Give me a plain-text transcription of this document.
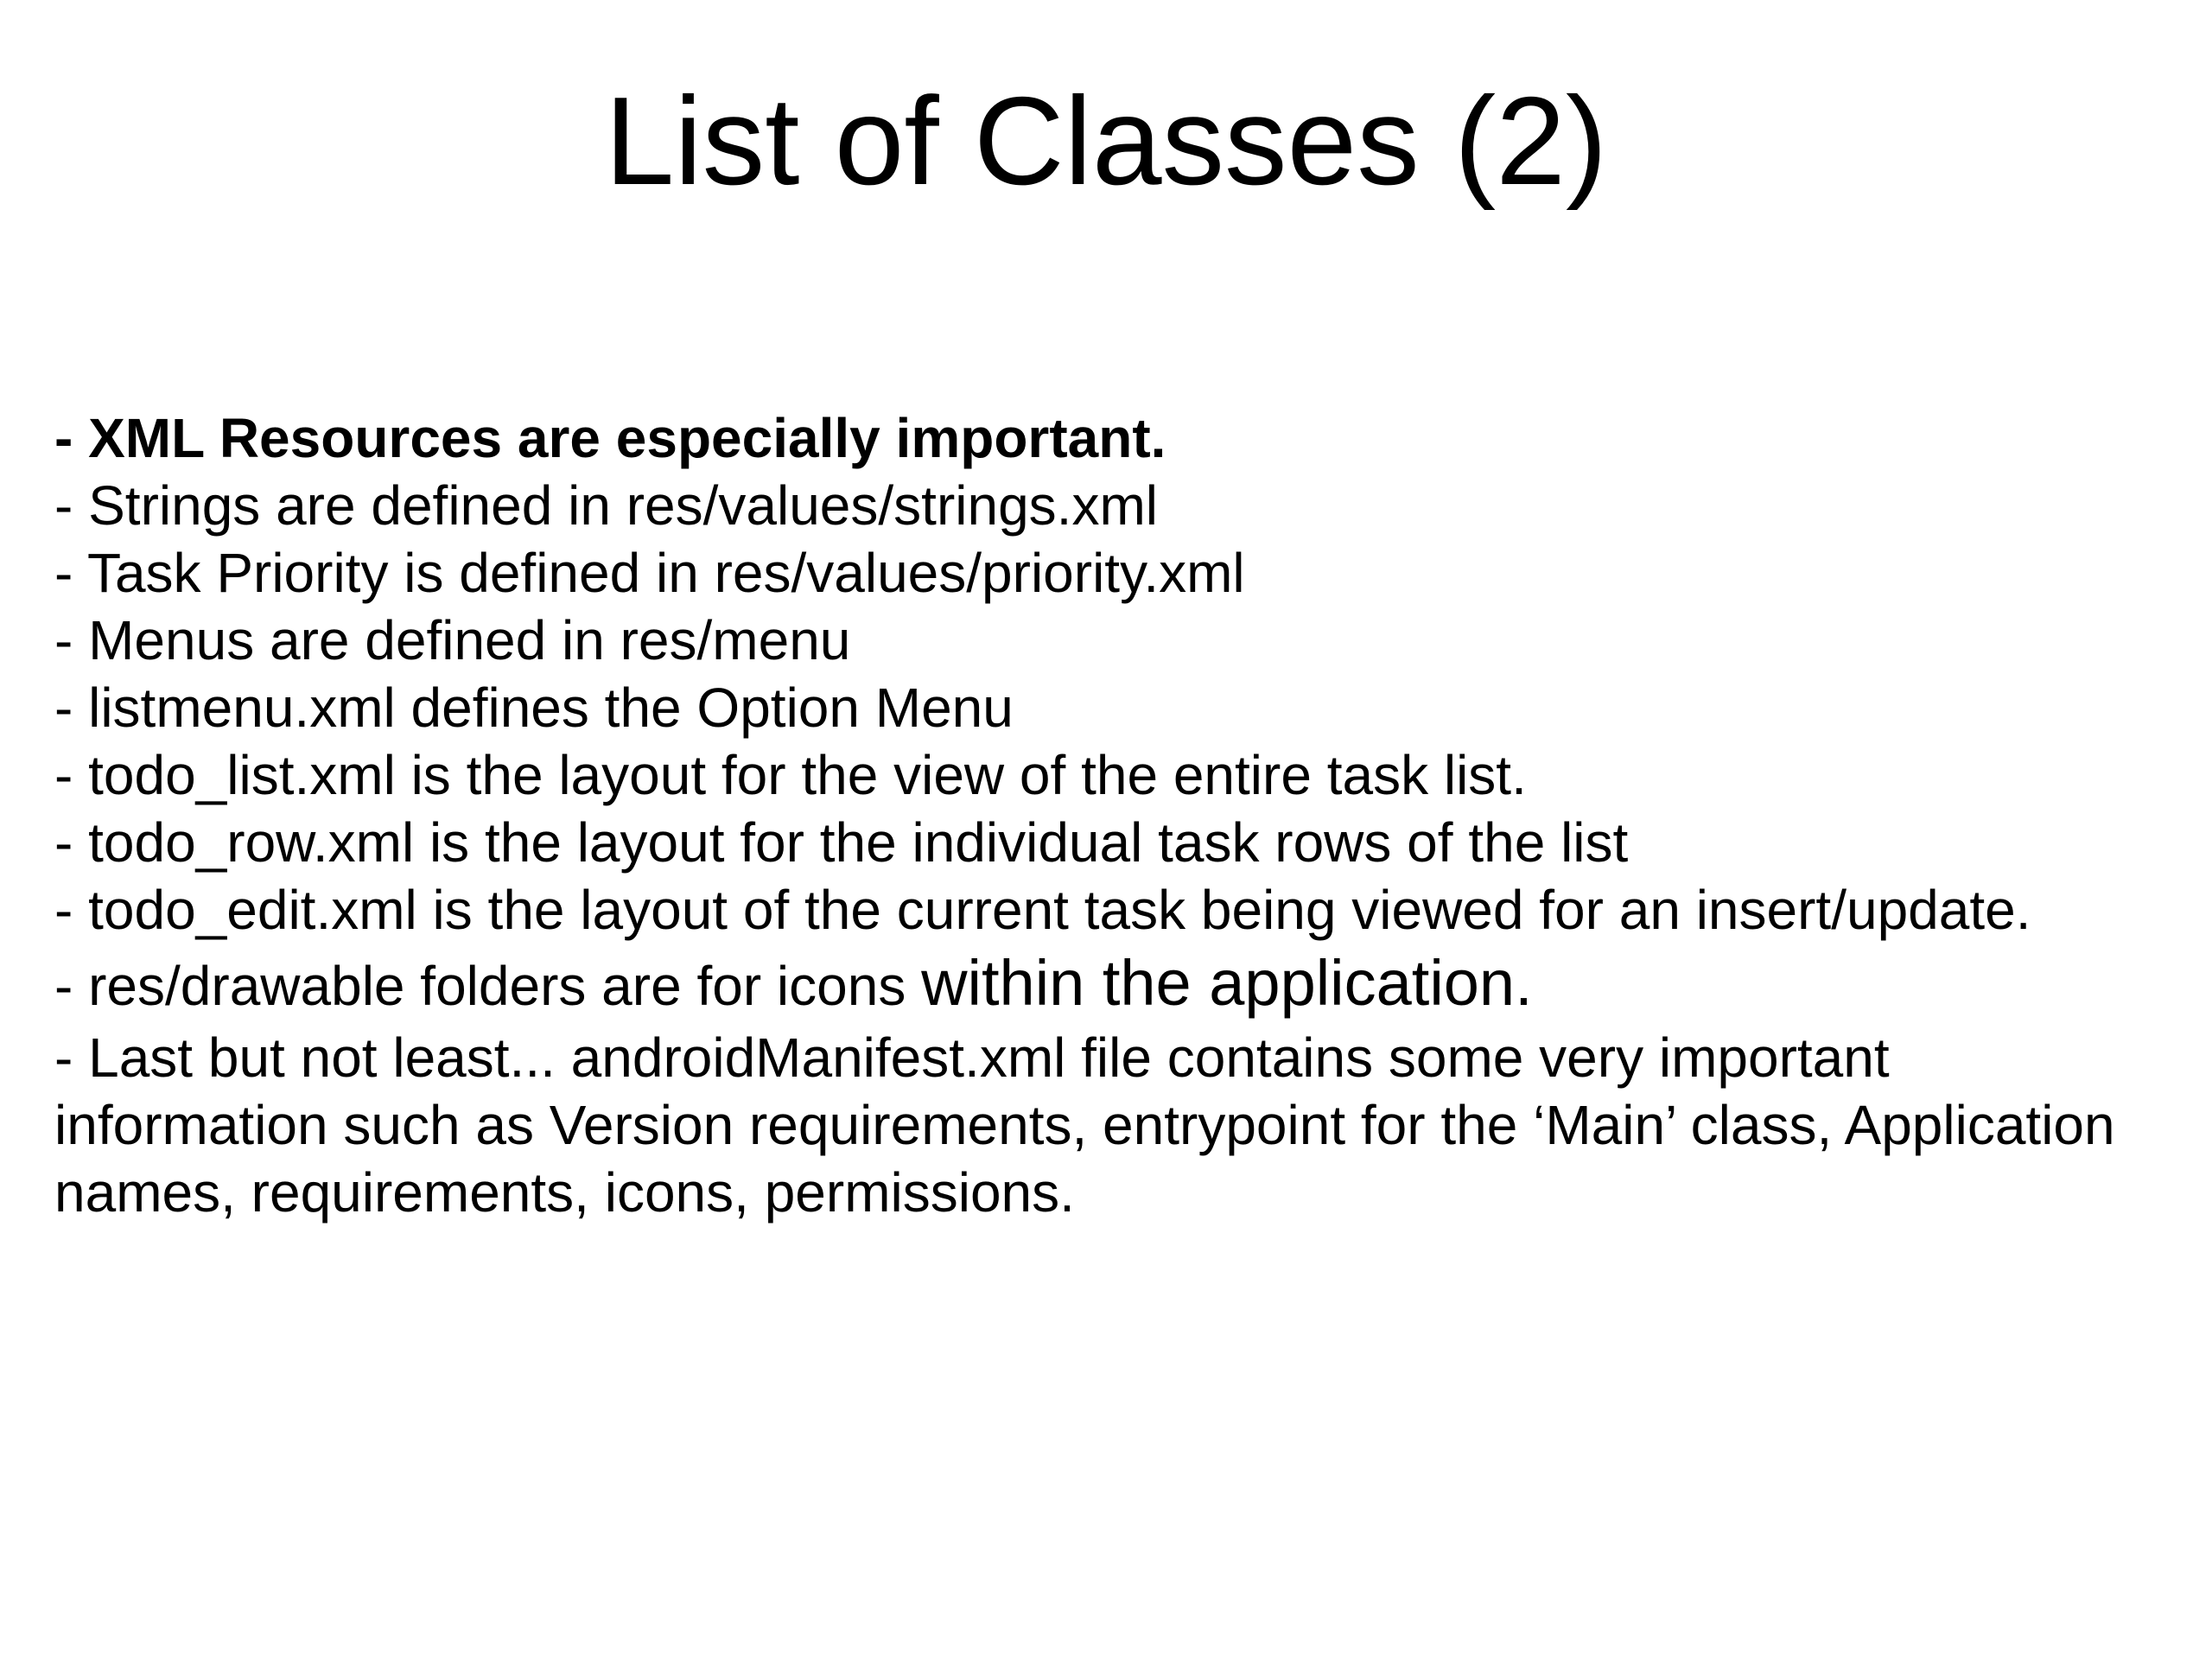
List of Classes (2)
- XML Resources are especially important.
- Strings are defined in res/values/strings.xml
- Task Priority is defined in res/values/priority.xml
- Menus are defined in res/menu
- listmenu.xml defines the Option Menu
- todo_list.xml is the layout for the view of the entire task list.
- todo_row.xml is the layout for the individual task rows of the list
- todo_edit.xml is the layout of the current task being viewed for an insert/update.
- res/drawable folders are for icons within the application.
- Last but not least... androidManifest.xml file contains some very important information such as Version requirements, entrypoint for the ‘Main’ class, Application names, requirements, icons, permissions.
